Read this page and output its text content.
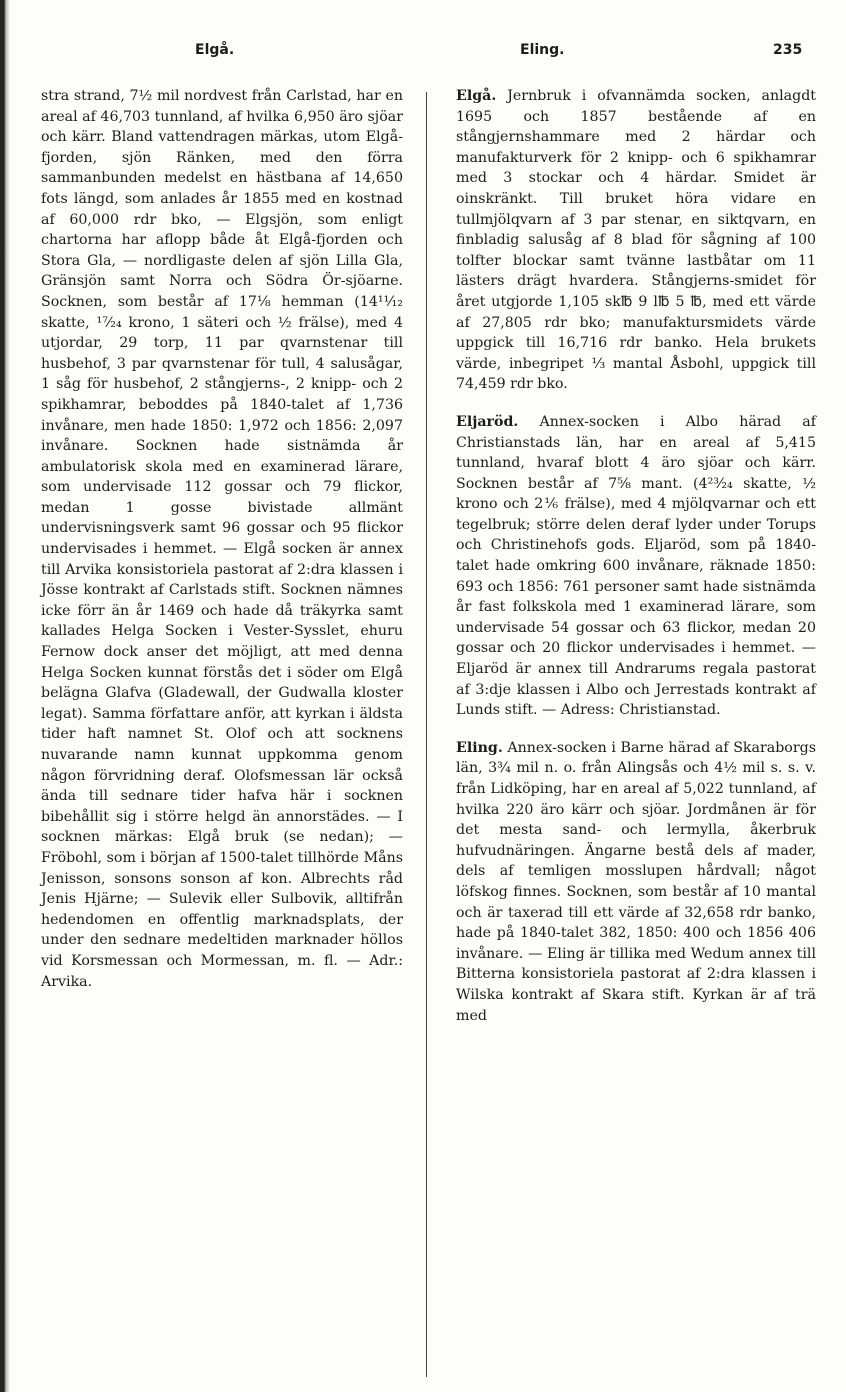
Elgå.	Eling.	235

stra strand, 7½ mil nordvest från Carlstad, har en areal af 46,703 tunnland, af hvilka 6,950 äro sjöar och kärr. Bland vattendragen märkas, utom Elgå-fjorden, sjön Ränken, med den förra sammanbunden medelst en hästbana af 14,650 fots längd, som anlades år 1855 med en kostnad af 60,000 rdr bko, — Elgsjön, som enligt chartorna har aflopp både åt Elgå-fjorden och Stora Gla, — nordligaste delen af sjön Lilla Gla, Gränsjön samt Norra och Södra Ör-sjöarne. Socknen, som består af 17⅛ hemman (14¹¹⁄₁₂ skatte, ¹⁷⁄₂₄ krono, 1 säteri och ½ frälse), med 4 utjordar, 29 torp, 11 par qvarnstenar till husbehof, 3 par qvarnstenar för tull, 4 salusågar, 1 såg för husbehof, 2 stångjerns-, 2 knipp- och 2 spikhamrar, beboddes på 1840-talet af 1,736 invånare, men hade 1850: 1,972 och 1856: 2,097 invånare. Socknen hade sistnämda år ambulatorisk skola med en examinerad lärare, som undervisade 112 gossar och 79 flickor, medan 1 gosse bivistade allmänt undervisningsverk samt 96 gossar och 95 flickor undervisades i hemmet. — Elgå socken är annex till Arvika konsistoriela pastorat af 2:dra klassen i Jösse kontrakt af Carlstads stift. Socknen nämnes icke förr än år 1469 och hade då träkyrka samt kallades Helga Socken i Vester-Sysslet, ehuru Fernow dock anser det möjligt, att med denna Helga Socken kunnat förstås det i söder om Elgå belägna Glafva (Gladewall, der Gudwalla kloster legat). Samma författare anför, att kyrkan i äldsta tider haft namnet St. Olof och att socknens nuvarande namn kunnat uppkomma genom någon förvridning deraf. Olofsmessan lär också ända till sednare tider hafva här i socknen bibehållit sig i större helgd än annorstädes. — I socknen märkas: Elgå bruk (se nedan); — Fröbohl, som i början af 1500-talet tillhörde Måns Jenisson, sonsons sonson af kon. Albrechts råd Jenis Hjärne; — Sulevik eller Sulbovik, alltifrån hedendomen en offentlig marknadsplats, der under den sednare medeltiden marknader höllos vid Korsmessan och Mormessan, m. fl. — Adr.: Arvika.

Elgå. Jernbruk i ofvannämda socken, anlagdt 1695 och 1857 bestående af en stångjernshammare med 2 härdar och manufakturverk för 2 knipp- och 6 spikhamrar med 3 stockar och 4 härdar. Smidet är oinskränkt. Till bruket höra vidare en tullmjölqvarn af 3 par stenar, en siktqvarn, en finbladig salusåg af 8 blad för sågning af 100 tolfter blockar samt tvänne lastbåtar om 11 lästers drägt hvardera. Stångjerns-smidet för året utgjorde 1,105 sk℔ 9 l℔ 5 ℔, med ett värde af 27,805 rdr bko; manufaktursmidets värde uppgick till 16,716 rdr banko. Hela brukets värde, inbegripet ⅓ mantal Åsbohl, uppgick till 74,459 rdr bko.

Eljaröd. Annex-socken i Albo härad af Christianstads län, har en areal af 5,415 tunnland, hvaraf blott 4 äro sjöar och kärr. Socknen består af 7⅝ mant. (4²³⁄₂₄ skatte, ½ krono och 2⅙ frälse), med 4 mjölqvarnar och ett tegelbruk; större delen deraf lyder under Torups och Christinehofs gods. Eljaröd, som på 1840-talet hade omkring 600 invånare, räknade 1850: 693 och 1856: 761 personer samt hade sistnämda år fast folkskola med 1 examinerad lärare, som undervisade 54 gossar och 63 flickor, medan 20 gossar och 20 flickor undervisades i hemmet. — Eljaröd är annex till Andrarums regala pastorat af 3:dje klassen i Albo och Jerrestads kontrakt af Lunds stift. — Adress: Christianstad.

Eling. Annex-socken i Barne härad af Skaraborgs län, 3¾ mil n. o. från Alingsås och 4½ mil s. s. v. från Lidköping, har en areal af 5,022 tunnland, af hvilka 220 äro kärr och sjöar. Jordmånen är för det mesta sand- och lermylla, åkerbruk hufvudnäringen. Ängarne bestå dels af mader, dels af temligen mosslupen hårdvall; något löfskog finnes. Socknen, som består af 10 mantal och är taxerad till ett värde af 32,658 rdr banko, hade på 1840-talet 382, 1850: 400 och 1856 406 invånare. — Eling är tillika med Wedum annex till Bitterna konsistoriela pastorat af 2:dra klassen i Wilska kontrakt af Skara stift. Kyrkan är af trä med
